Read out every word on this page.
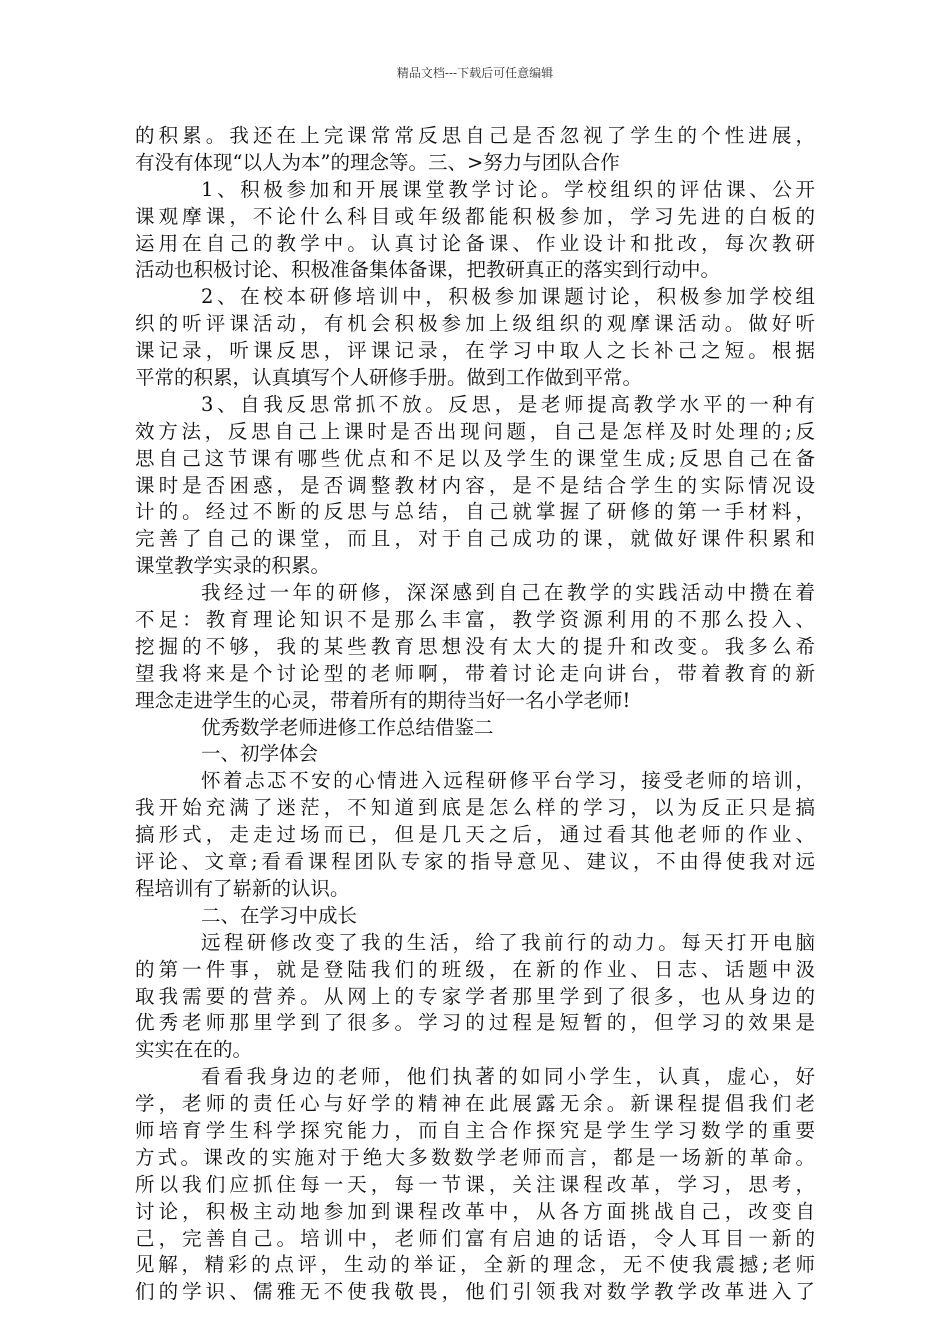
精品文档---下载后可任意编辑
的积累。我还在上完课常常反思自己是否忽视了学生的个性进展，
有没有体现“以人为本”的理念等。三、>努力与团队合作
1、积极参加和开展课堂教学讨论。学校组织的评估课、公开
课观摩课，不论什么科目或年级都能积极参加，学习先进的白板的
运用在自己的教学中。认真讨论备课、作业设计和批改，每次教研
活动也积极讨论、积极准备集体备课，把教研真正的落实到行动中。
2、在校本研修培训中，积极参加课题讨论，积极参加学校组
织的听评课活动，有机会积极参加上级组织的观摩课活动。做好听
课记录，听课反思，评课记录，在学习中取人之长补己之短。根据
平常的积累，认真填写个人研修手册。做到工作做到平常。
3、自我反思常抓不放。反思，是老师提高教学水平的一种有
效方法，反思自己上课时是否出现问题，自己是怎样及时处理的;反
思自己这节课有哪些优点和不足以及学生的课堂生成;反思自己在备
课时是否困惑，是否调整教材内容，是不是结合学生的实际情况设
计的。经过不断的反思与总结，自己就掌握了研修的第一手材料，
完善了自己的课堂，而且，对于自己成功的课，就做好课件积累和
课堂教学实录的积累。
我经过一年的研修，深深感到自己在教学的实践活动中攒在着
不足：教育理论知识不是那么丰富，教学资源利用的不那么投入、
挖掘的不够，我的某些教育思想没有太大的提升和改变。我多么希
望我将来是个讨论型的老师啊，带着讨论走向讲台，带着教育的新
理念走进学生的心灵，带着所有的期待当好一名小学老师!
优秀数学老师进修工作总结借鉴二
一、初学体会
怀着忐忑不安的心情进入远程研修平台学习，接受老师的培训，
我开始充满了迷茫，不知道到底是怎么样的学习，以为反正只是搞
搞形式，走走过场而已，但是几天之后，通过看其他老师的作业、
评论、文章;看看课程团队专家的指导意见、建议，不由得使我对远
程培训有了崭新的认识。
二、在学习中成长
远程研修改变了我的生活，给了我前行的动力。每天打开电脑
的第一件事，就是登陆我们的班级，在新的作业、日志、话题中汲
取我需要的营养。从网上的专家学者那里学到了很多，也从身边的
优秀老师那里学到了很多。学习的过程是短暂的，但学习的效果是
实实在在的。
看看我身边的老师，他们执著的如同小学生，认真，虚心，好
学，老师的责任心与好学的精神在此展露无余。新课程提倡我们老
师培育学生科学探究能力，而自主合作探究是学生学习数学的重要
方式。课改的实施对于绝大多数数学老师而言，都是一场新的革命。
所以我们应抓住每一天，每一节课，关注课程改革，学习，思考，
讨论，积极主动地参加到课程改革中，从各方面挑战自己，改变自
己，完善自己。培训中，老师们富有启迪的话语，令人耳目一新的
见解，精彩的点评，生动的举证，全新的理念，无不使我震撼;老师
们的学识、儒雅无不使我敬畏，他们引领我对数学教学改革进入了
